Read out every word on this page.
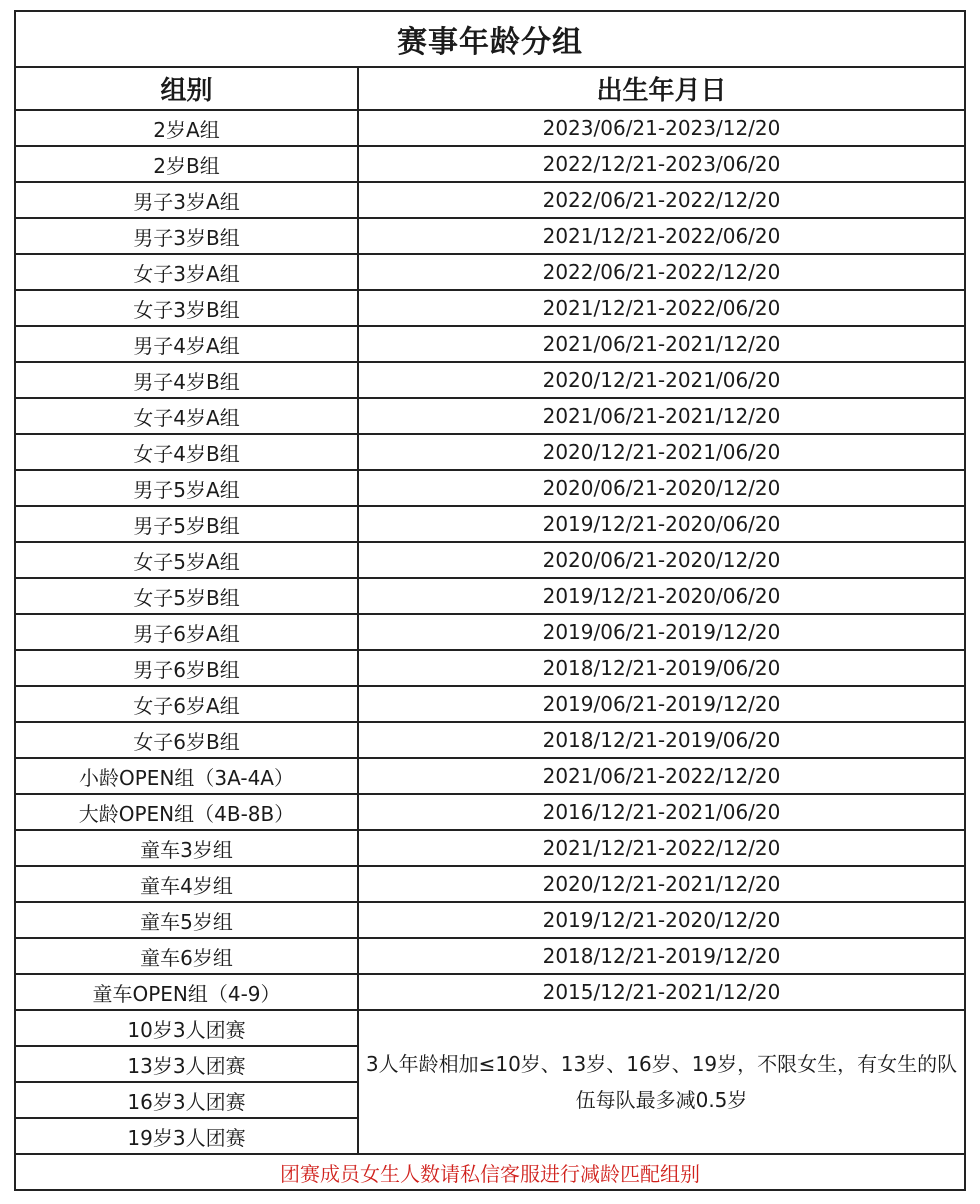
赛事年龄分组	
组别	出生年月日
2岁A组	2023/06/21-2023/12/20
2岁B组	2022/12/21-2023/06/20
男子3岁A组	2022/06/21-2022/12/20
男子3岁B组	2021/12/21-2022/06/20
女子3岁A组	2022/06/21-2022/12/20
女子3岁B组	2021/12/21-2022/06/20
男子4岁A组	2021/06/21-2021/12/20
男子4岁B组	2020/12/21-2021/06/20
女子4岁A组	2021/06/21-2021/12/20
女子4岁B组	2020/12/21-2021/06/20
男子5岁A组	2020/06/21-2020/12/20
男子5岁B组	2019/12/21-2020/06/20
女子5岁A组	2020/06/21-2020/12/20
女子5岁B组	2019/12/21-2020/06/20
男子6岁A组	2019/06/21-2019/12/20
男子6岁B组	2018/12/21-2019/06/20
女子6岁A组	2019/06/21-2019/12/20
女子6岁B组	2018/12/21-2019/06/20
小龄OPEN组（3A-4A）	2021/06/21-2022/12/20
大龄OPEN组（4B-8B）	2016/12/21-2021/06/20
童车3岁组	2021/12/21-2022/12/20
童车4岁组	2020/12/21-2021/12/20
童车5岁组	2019/12/21-2020/12/20
童车6岁组	2018/12/21-2019/12/20
童车OPEN组（4-9）	2015/12/21-2021/12/20
10岁3人团赛	3人年龄相加≤10岁、13岁、16岁、19岁，不限女生，有女生的队伍每队最多减0.5岁
13岁3人团赛	
16岁3人团赛	
19岁3人团赛	
团赛成员女生人数请私信客服进行减龄匹配组别	
